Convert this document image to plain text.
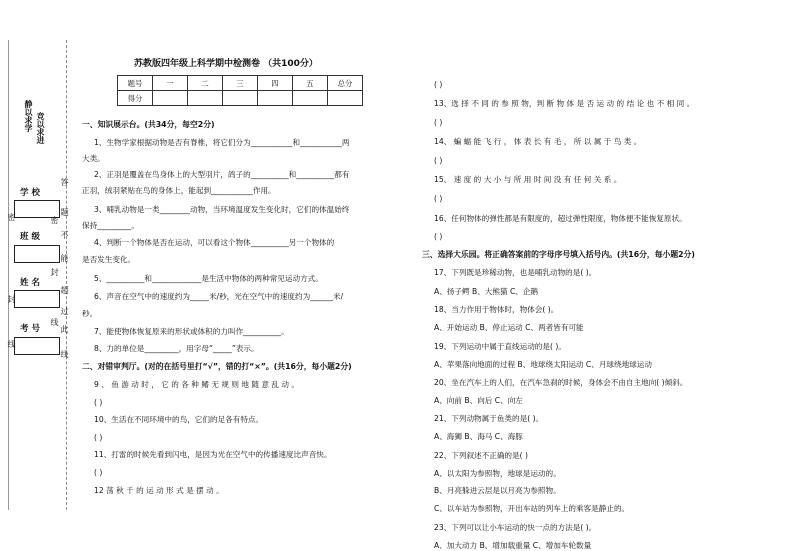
静以求学 竞以求进
学 校
班 级
姓 名
考 号
密
封
线
答
题
不
能
超
过
此
线
密
封
线
苏教版四年级上科学期中检测卷 （共100分）
题号	一	二	三	四	五	总分
得分						
一、知识展示台。(共34分，每空2分)
1、生物学家根据动物是否有脊椎，将它们分为___________和___________两
大类。
2、正羽是覆盖在鸟身体上的大型羽片，鸽子的__________和__________都有
正羽，绒羽紧贴在鸟的身体上，能起到___________作用。
3、哺乳动物是一类________动物，当环境温度发生变化时，它们的体温始终
保持_________。
4、判断一个物体是否在运动，可以看这个物体__________另一个物体的
是否发生变化。
5、__________和_____________是生活中物体的两种常见运动方式。
6、声音在空气中的速度约为_____米/秒，光在空气中的速度约为______米/
秒。
7、能使物体恢复原来的形状或体积的力叫作__________。
8、力的单位是_________，用字母“_____”表示。
二、对错审判厅。(对的在括号里打“√”，错的打“×”。(共16分，每小题2分)
9 、 鱼 游 动 时 ， 它 的 各 种 鳍 无 规 则 地 随 意 乱 动 。
( )
10、生活在不同环境中的鸟，它们的足各有特点。
( )
11、打雷的时候先看到闪电，是因为光在空气中的传播速度比声音快。
( )
12 荡 秋 千 的 运 动 形 式 是 摆 动 。
( )
13、选 择 不 同 的 参 照 物，判 断 物 体 是 否 运 动 的 结 论 也 不 相 同 。
( )
14、 蝙 蝠 能 飞 行 ， 体 表 长 有 毛 ， 所 以 属 于 鸟 类 。
( )
15、 速 度 的 大 小 与 所 用 时 间 没 有 任 何 关 系 。
( )
16、任何物体的弹性都是有限度的，超过弹性限度，物体便不能恢复原状。
( )
三、选择大乐园。将正确答案前的字母序号填入括号内。(共16分，每小题2分)
17、下列既是珍稀动物，也是哺乳动物的是( )。
A、扬子鳄 B、大熊猫 C、企鹅
18、当力作用于物体时，物体会( )。
A、开始运动 B、停止运动 C、两者皆有可能
19、下列运动中属于直线运动的是( )。
A、苹果落向地面的过程 B、地球绕太阳运动 C、月球绕地球运动
20、坐在汽车上的人们，在汽车急刹的时候，身体会不由自主地向( )倾斜。
A、向前 B、向后 C、向左
21、下列动物属于鱼类的是( )。
A、海狮 B、海马 C、海豚
22、下列叙述不正确的是( )
A、以太阳为参照物，地球是运动的。
B、月亮躲进云层是以月亮为参照物。
C、以车站为参照物，开出车站的列车上的乘客是静止的。
23、下列可以让小车运动的快一点的方法是( )。
A、加大动力 B、增加载重量 C、增加车轮数量
